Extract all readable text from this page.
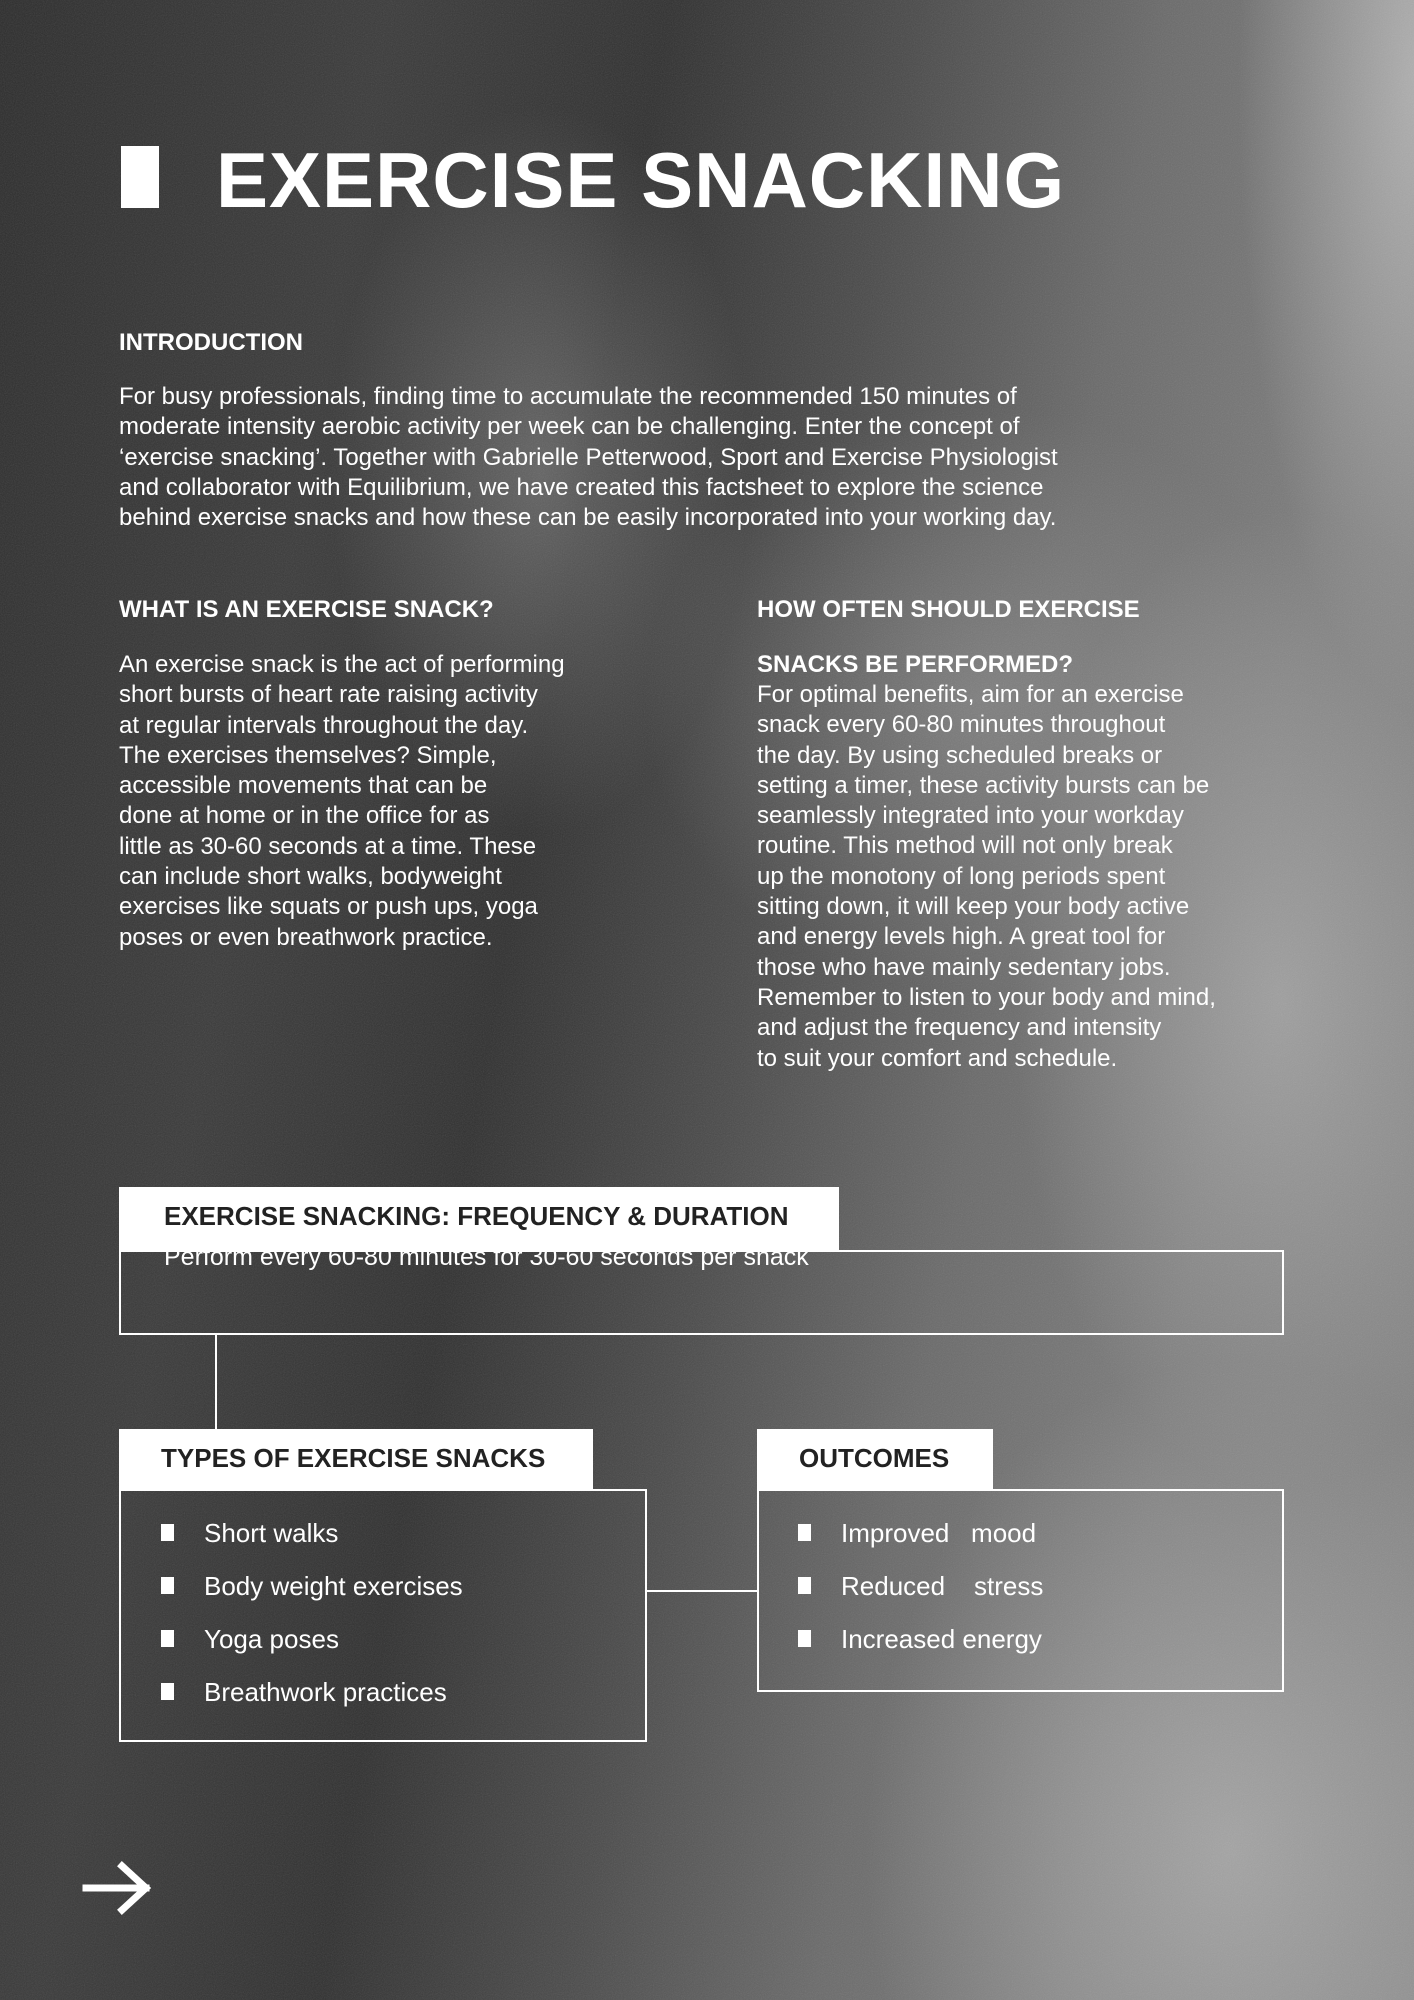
EXERCISE SNACKING
INTRODUCTION

For busy professionals, finding time to accumulate the recommended 150 minutes of
moderate intensity aerobic activity per week can be challenging. Enter the concept of
‘exercise snacking’. Together with Gabrielle Petterwood, Sport and Exercise Physiologist
and collaborator with Equilibrium, we have created this factsheet to explore the science
behind exercise snacks and how these can be easily incorporated into your working day.

WHAT IS AN EXERCISE SNACK?

An exercise snack is the act of performing
short bursts of heart rate raising activity
at regular intervals throughout the day.
The exercises themselves? Simple,
accessible movements that can be
done at home or in the office for as
little as 30-60 seconds at a time. These
can include short walks, bodyweight
exercises like squats or push ups, yoga
poses or even breathwork practice.

HOW OFTEN SHOULD EXERCISE
SNACKS BE PERFORMED?

For optimal benefits, aim for an exercise
snack every 60-80 minutes throughout
the day. By using scheduled breaks or
setting a timer, these activity bursts can be
seamlessly integrated into your workday
routine. This method will not only break
up the monotony of long periods spent
sitting down, it will keep your body active
and energy levels high. A great tool for
those who have mainly sedentary jobs.
Remember to listen to your body and mind,
and adjust the frequency and intensity
to suit your comfort and schedule.

EXERCISE SNACKING: FREQUENCY & DURATION
Perform every 60-80 minutes for 30-60 seconds per snack
TYPES OF EXERCISE SNACKS
Short walks
Body weight exercises
Yoga poses
Breathwork practices
OUTCOMES
Improved   mood
Reduced    stress
Increased energy
